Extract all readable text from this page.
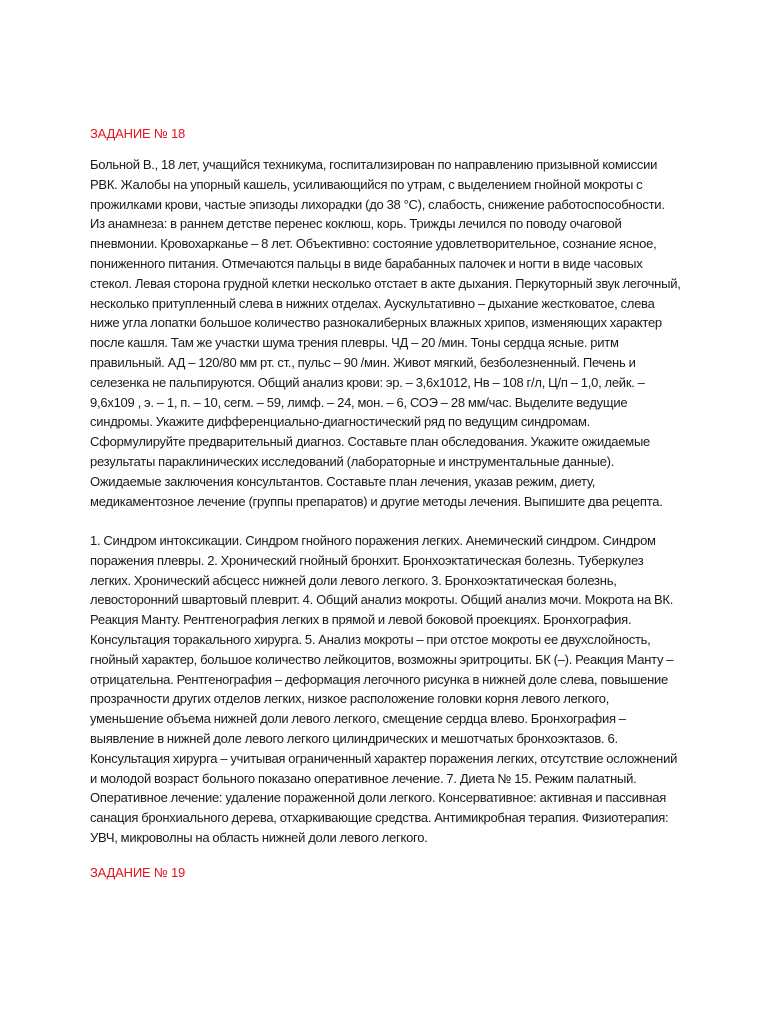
ЗАДАНИЕ № 18

Больной В., 18 лет, учащийся техникума, госпитализирован по направлению призывной комиссии РВК. Жалобы на упорный кашель, усиливающийся по утрам, с выделением гнойной мокроты с прожилками крови, частые эпизоды лихорадки (до 38 °С), слабость, снижение работоспособности. Из анамнеза: в раннем детстве перенес коклюш, корь. Трижды лечился по поводу очаговой пневмонии. Кровохарканье – 8 лет. Объективно: состояние удовлетворительное, сознание ясное, пониженного питания. Отмечаются пальцы в виде барабанных палочек и ногти в виде часовых стекол. Левая сторона грудной клетки несколько отстает в акте дыхания. Перкуторный звук легочный, несколько притупленный слева в нижних отделах. Аускультативно – дыхание жестковатое, слева ниже угла лопатки большое количество разнокалиберных влажных хрипов, изменяющих характер после кашля. Там же участки шума трения плевры. ЧД – 20 /мин. Тоны сердца ясные. ритм правильный. АД – 120/80 мм рт. ст., пульс – 90 /мин. Живот мягкий, безболезненный. Печень и селезенка не пальпируются. Общий анализ крови: эр. – 3,6х1012, Нв – 108 г/л, Ц/п – 1,0, лейк. – 9,6х109 , э. – 1, п. – 10, сегм. – 59, лимф. – 24, мон. – 6, СОЭ – 28 мм/час. Выделите ведущие синдромы. Укажите дифференциально-диагностический ряд по ведущим синдромам. Сформулируйте предварительный диагноз. Составьте план обследования. Укажите ожидаемые результаты параклинических исследований (лабораторные и инструментальные данные). Ожидаемые заключения консультантов. Составьте план лечения, указав режим, диету, медикаментозное лечение (группы препаратов) и другие методы лечения. Выпишите два рецепта.

1. Синдром интоксикации. Синдром гнойного поражения легких. Анемический синдром. Синдром поражения плевры. 2. Хронический гнойный бронхит. Бронхоэктатическая болезнь. Туберкулез легких. Хронический абсцесс нижней доли левого легкого. 3. Бронхоэктатическая болезнь, левосторонний швартовый плеврит. 4. Общий анализ мокроты. Общий анализ мочи. Мокрота на ВК. Реакция Манту. Рентгенография легких в прямой и левой боковой проекциях. Бронхография. Консультация торакального хирурга. 5. Анализ мокроты – при отстое мокроты ее двухслойность, гнойный характер, большое количество лейкоцитов, возможны эритроциты. БК (–). Реакция Манту – отрицательна. Рентгенография – деформация легочного рисунка в нижней доле слева, повышение прозрачности других отделов легких, низкое расположение головки корня левого легкого, уменьшение объема нижней доли левого легкого, смещение сердца влево. Бронхография – выявление в нижней доле левого легкого цилиндрических и мешотчатых бронхоэктазов. 6. Консультация хирурга – учитывая ограниченный характер поражения легких, отсутствие осложнений и молодой возраст больного показано оперативное лечение. 7. Диета № 15. Режим палатный. Оперативное лечение: удаление пораженной доли легкого. Консервативное: активная и пассивная санация бронхиального дерева, отхаркивающие средства. Антимикробная терапия. Физиотерапия: УВЧ, микроволны на область нижней доли левого легкого.

ЗАДАНИЕ № 19
